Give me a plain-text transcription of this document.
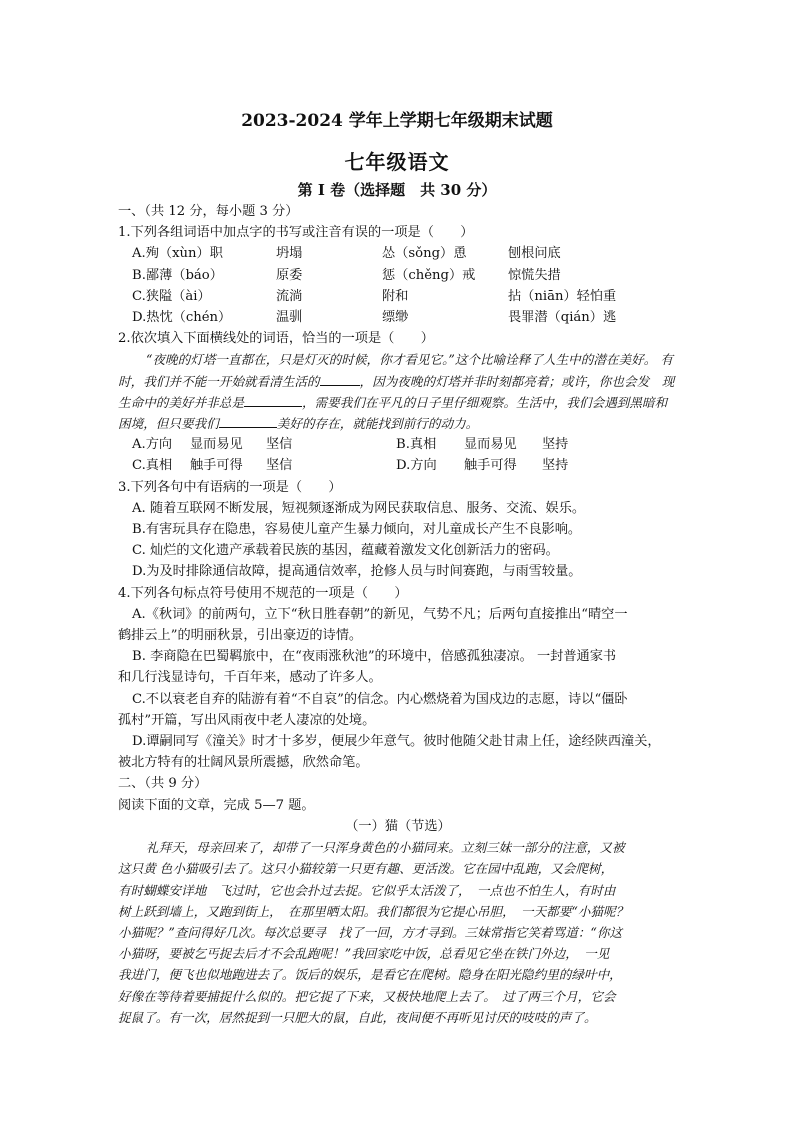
2023-2024 学年上学期七年级期末试题
七年级语文
第 Ⅰ 卷（选择题　共 30 分）
一、（共 12 分，每小题 3 分）
1.下列各组词语中加点字的书写或注音有误的一项是（　　）
A.殉（xùn）职	坍塌	怂（sǒng）恿	刨根问底
B.鄙薄（báo）	原委	惩（chěng）戒	惊慌失措
C.狭隘（ài）	流淌	附和	拈（niān）轻怕重
D.热忱（chén）	温驯	缥缈	畏罪潜（qián）逃
2.依次填入下面横线处的词语，恰当的一项是（　　）
“夜晚的灯塔一直都在，只是灯灭的时候，你才看见它。”这个比喻诠释了人生中的潜在美好。 有时，我们并不能一开始就看清生活的	，因为夜晚的灯塔并非时刻都亮着；或许，你也会发　现生命中的美好并非总是	，需要我们在平凡的日子里仔细观察。生活中，我们会遇到黑暗和困境，但只要我们	美好的存在，就能找到前行的动力。
A.方向	显而易见	坚信	B.真相	显而易见	坚持
C.真相	触手可得	坚信	D.方向	触手可得	坚持
3.下列各句中有语病的一项是（　　）
A. 随着互联网不断发展，短视频逐渐成为网民获取信息、服务、交流、娱乐。
B.有害玩具存在隐患，容易使儿童产生暴力倾向，对儿童成长产生不良影响。
C. 灿烂的文化遗产承载着民族的基因，蕴藏着激发文化创新活力的密码。
D.为及时排除通信故障，提高通信效率，抢修人员与时间赛跑，与雨雪较量。
4.下列各句标点符号使用不规范的一项是（　　）
A.《秋词》的前两句，立下“秋日胜春朝”的新见，气势不凡；后两句直接推出“晴空一
鹤排云上”的明丽秋景，引出豪迈的诗情。
B. 李商隐在巴蜀羁旅中，在“夜雨涨秋池”的环境中，倍感孤独凄凉。 一封普通家书
和几行浅显诗句，千百年来，感动了许多人。
C.不以衰老自弃的陆游有着“不自哀”的信念。内心燃烧着为国戍边的志愿，诗以“僵卧
孤村”开篇，写出风雨夜中老人凄凉的处境。
D.谭嗣同写《潼关》时才十多岁，便展少年意气。彼时他随父赴甘肃上任，途经陕西潼关，
被北方特有的壮阔风景所震撼，欣然命笔。
二、（共 9 分）
阅读下面的文章，完成 5—7 题。
（一）猫（节选）
礼拜天，母亲回来了，却带了一只浑身黄色的小猫同来。立刻三妹一部分的注意，又被
这只黄 色小猫吸引去了。这只小猫较第一只更有趣、更活泼。它在园中乱跑，又会爬树，
有时蝴蝶安详地　飞过时，它也会扑过去捉。它似乎太活泼了，　一点也不怕生人，有时由
树上跃到墙上，又跑到街上，　在那里晒太阳。我们都很为它提心吊胆，　一天都要“小猫呢？
小猫呢？”查问得好几次。每次总要寻　找了一回，方才寻到。三妹常指它笑着骂道：“你这
小猫呀，要被乞丐捉去后才不会乱跑呢！”我回家吃中饭，总看见它坐在铁门外边，　一见
我进门，便飞也似地跑进去了。饭后的娱乐，是看它在爬树。隐身在阳光隐约里的绿叶中，
好像在等待着要捕捉什么似的。把它捉了下来，又极快地爬上去了。　过了两三个月，它会
捉鼠了。有一次，居然捉到一只肥大的鼠，自此，夜间便不再听见讨厌的吱吱的声了。
